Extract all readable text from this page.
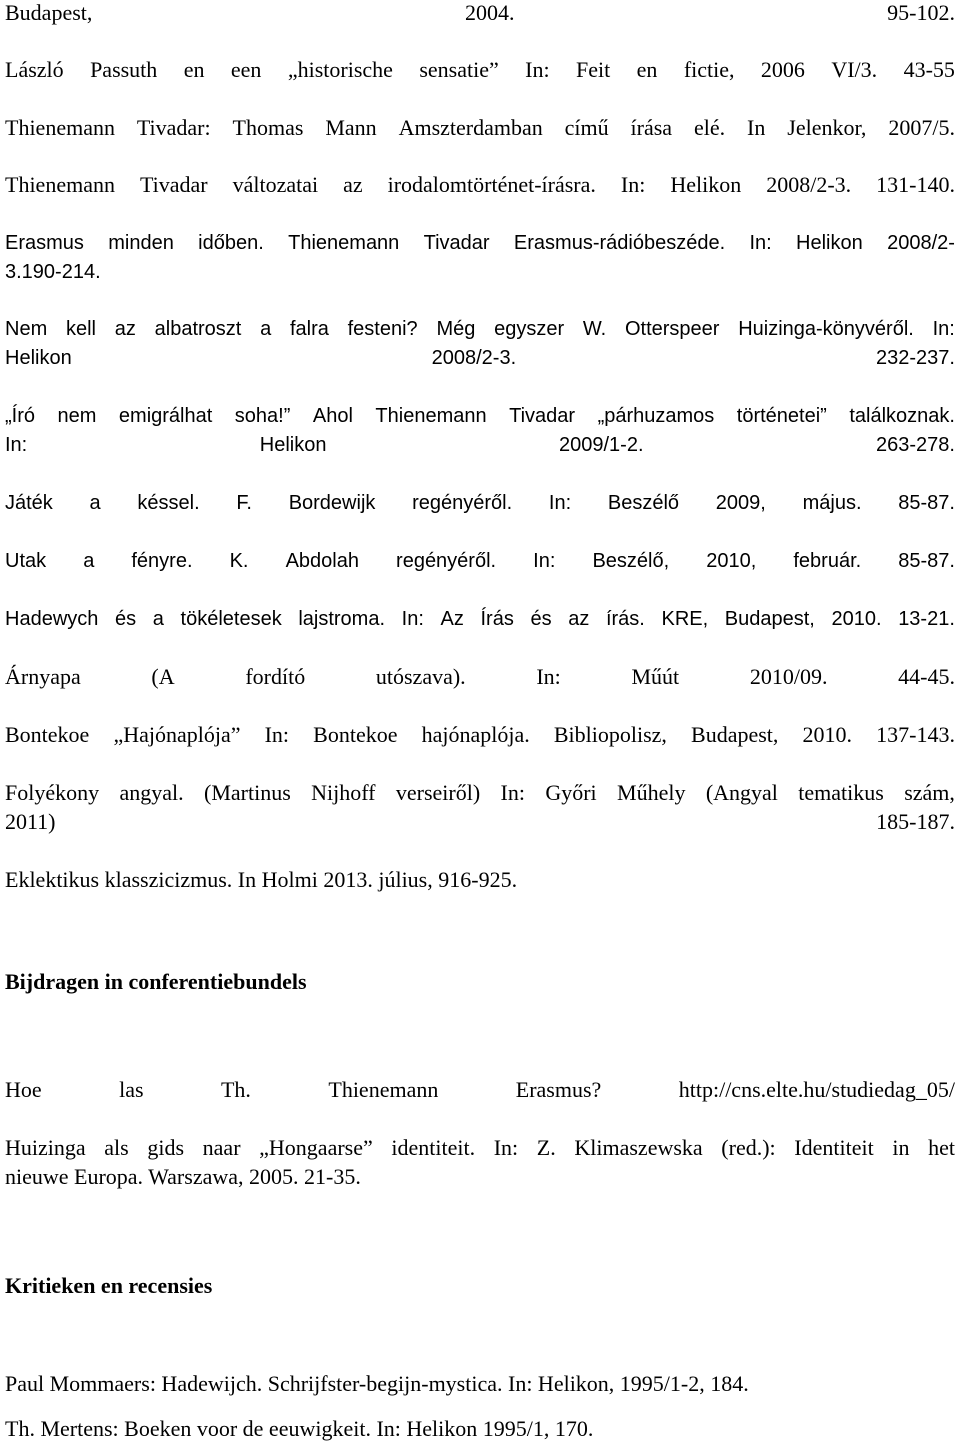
Budapest,	2004.	95-102.
László Passuth en een „historische sensatie” In: Feit en fictie, 2006 VI/3. 43-55
Thienemann Tivadar: Thomas Mann Amszterdamban című írása elé. In Jelenkor, 2007/5.
Thienemann Tivadar változatai az irodalomtörténet-írásra. In: Helikon 2008/2-3. 131-140.
Erasmus minden időben. Thienemann Tivadar Erasmus-rádióbeszéde. In: Helikon 2008/2-
3.190-214.
Nem kell az albatroszt a falra festeni? Még egyszer W. Otterspeer Huizinga-könyvéről. In:
Helikon	2008/2-3.	232-237.
„Író nem emigrálhat soha!” Ahol Thienemann Tivadar „párhuzamos történetei” találkoznak.
In:	Helikon	2009/1-2.	263-278.
Játék a késsel. F. Bordewijk regényéről. In: Beszélő 2009, május. 85-87.
Utak a fényre. K. Abdolah regényéről. In: Beszélő, 2010, február. 85-87.
Hadewych és a tökéletesek lajstroma. In: Az Írás és az írás. KRE, Budapest, 2010. 13-21.
Árnyapa	(A	fordító	utószava).	In:	Műút	2010/09.	44-45.
Bontekoe „Hajónaplója” In: Bontekoe hajónaplója. Bibliopolisz, Budapest, 2010. 137-143.
Folyékony angyal. (Martinus Nijhoff verseiről) In: Győri Műhely (Angyal tematikus szám,
2011)	185-187.
Eklektikus klasszicizmus. In Holmi 2013. július, 916-925.
Bijdragen in conferentiebundels
Hoe	las	Th.	Thienemann	Erasmus?	http://cns.elte.hu/studiedag_05/
Huizinga als gids naar „Hongaarse” identiteit. In: Z. Klimaszewska (red.): Identiteit in het
nieuwe Europa. Warszawa, 2005. 21-35.
Kritieken en recensies
Paul Mommaers: Hadewijch. Schrijfster-begijn-mystica. In: Helikon, 1995/1-2, 184.
Th. Mertens: Boeken voor de eeuwigkeit. In: Helikon 1995/1, 170.
